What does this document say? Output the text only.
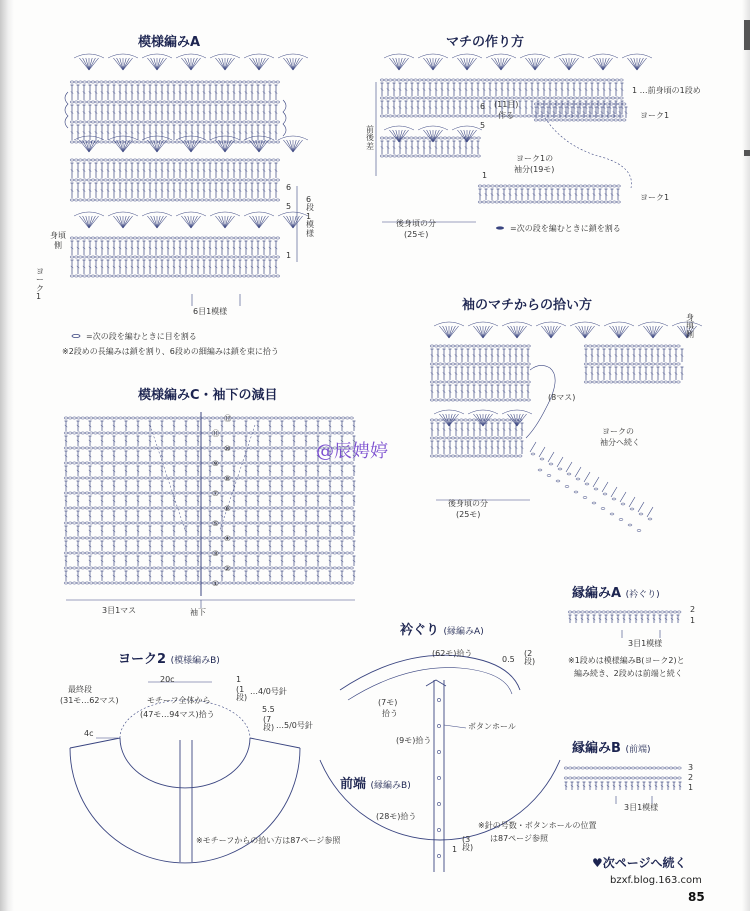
模様編みA
6
5
1
6段1模様
6目1模様
身頃
側
ヨーク1
=次の段を編むときに目を割る
※2段めの長編みは鎖を割り、6段めの細編みは鎖を束に拾う
マチの作り方
1 …前身頃の1段め
6
5
1
(11目)
作る
前後差
ヨーク1
ヨーク1
ヨーク1の
袖分(19モ)
後身頃の分
(25モ)
=次の段を編むときに鎖を割る
袖のマチからの拾い方
身頃側
(8マス)
ヨークの
袖分へ続く
後身頃の分
(25モ)
@辰娉婷
模様編みC・袖下の減目
⑫
⑪
⑩
⑨
⑧
⑦
⑥
⑤
④
③
②
①
3目1マス	袖下
縁編みA (衿ぐり)
2
1
3目1模様
※1段めは模様編みB(ヨーク2)と
編み続き、2段めは前端と続く
衿ぐり (縁編みA)
(62モ)拾う
0.5
(2段)
(7モ)
拾う
(9モ)拾う
ボタンホール
ヨーク2 (模様編みB)
20c
最終段
(31モ…62マス)	モチーフ全体から
(47モ…94マス)拾う
1
(1段)
…4/0号針
5.5
(7段) …5/0号針
4c
※モチーフからの拾い方は87ページ参照
縁編みB (前端)
3
2
1
3目1模様
前端 (縁編みB)
(28モ)拾う
1
(3段)
※針の号数・ボタンホールの位置
は87ページ参照
♥次ページへ続く
bzxf.blog.163.com
85
